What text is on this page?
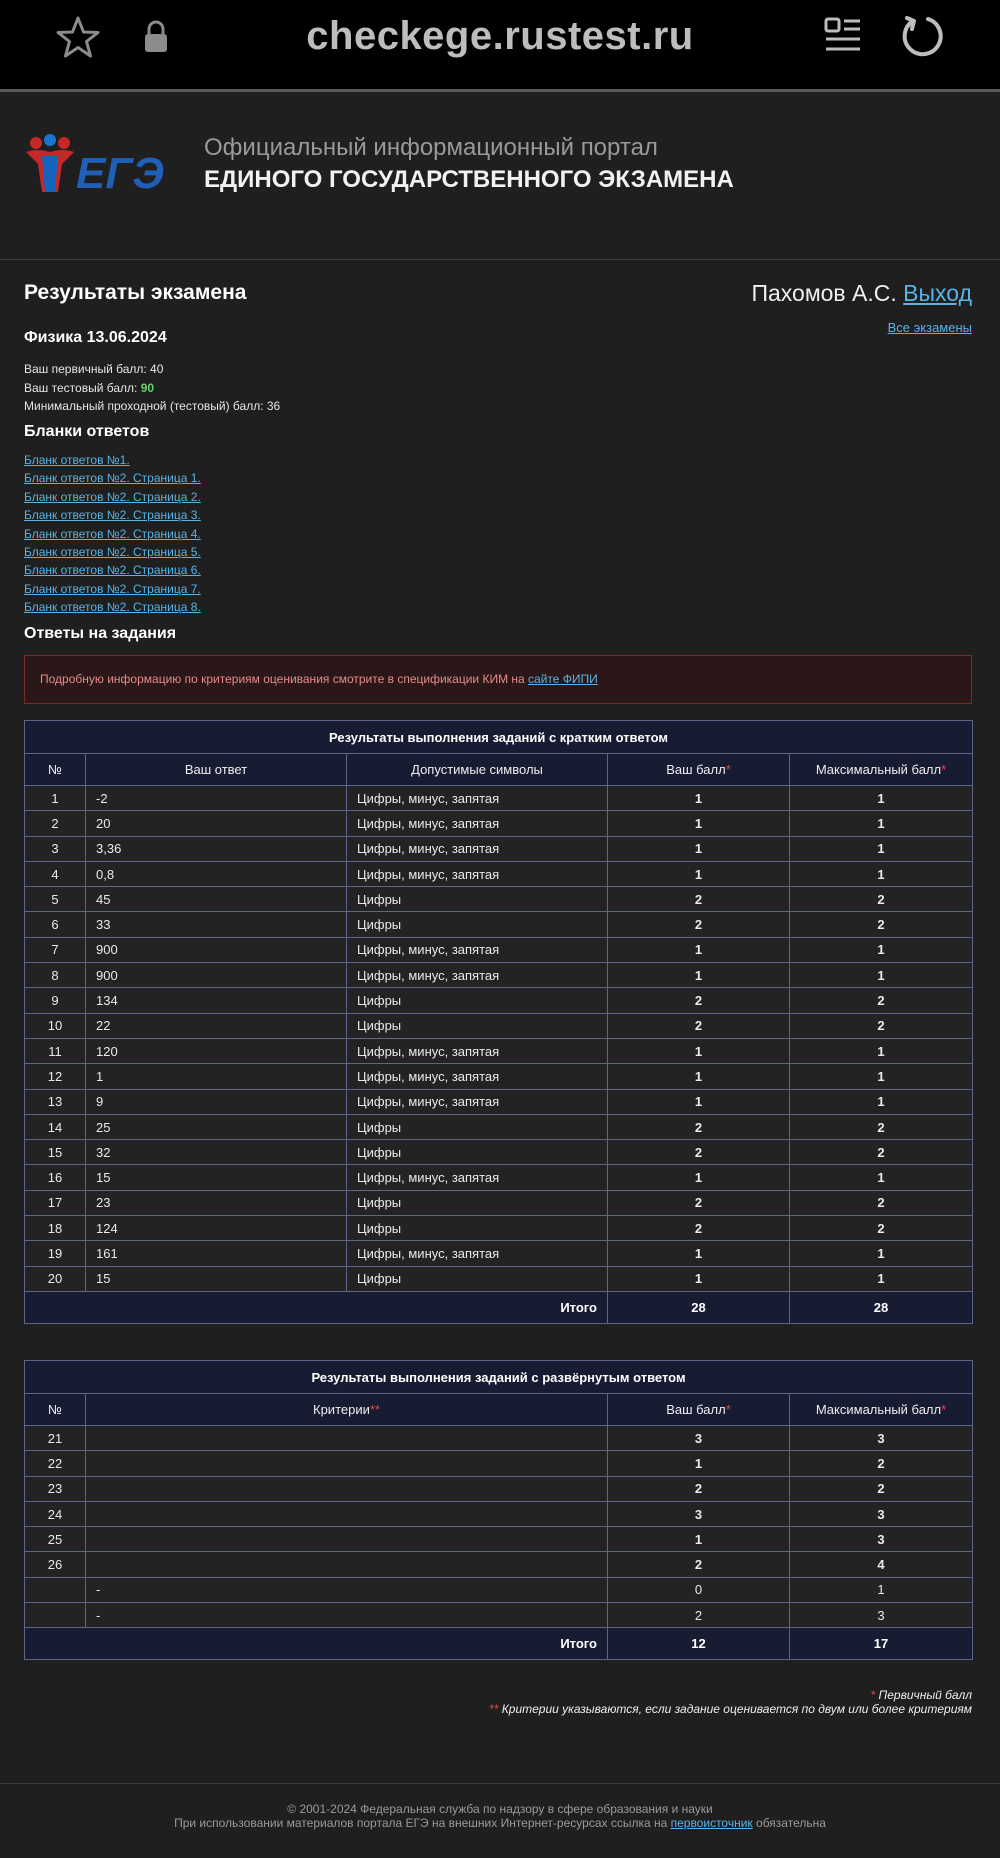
checkege.rustest.ru
ЕГЭ
Официальный информационный портал
ЕДИНОГО ГОСУДАРСТВЕННОГО ЭКЗАМЕНА
Результаты экзамена	Пахомов А.С. Выход
Все экзамены
Физика 13.06.2024
Ваш первичный балл: 40
Ваш тестовый балл: 90
Минимальный проходной (тестовый) балл: 36
Бланки ответов
Бланк ответов №1.
Бланк ответов №2. Страница 1.
Бланк ответов №2. Страница 2.
Бланк ответов №2. Страница 3.
Бланк ответов №2. Страница 4.
Бланк ответов №2. Страница 5.
Бланк ответов №2. Страница 6.
Бланк ответов №2. Страница 7.
Бланк ответов №2. Страница 8.
Ответы на задания
Подробную информацию по критериям оценивания смотрите в спецификации КИМ на сайте ФИПИ
Результаты выполнения заданий с кратким ответом				
№	Ваш ответ	Допустимые символы	Ваш балл*	Максимальный балл*
1	-2	Цифры, минус, запятая	1	1
2	20	Цифры, минус, запятая	1	1
3	3,36	Цифры, минус, запятая	1	1
4	0,8	Цифры, минус, запятая	1	1
5	45	Цифры	2	2
6	33	Цифры	2	2
7	900	Цифры, минус, запятая	1	1
8	900	Цифры, минус, запятая	1	1
9	134	Цифры	2	2
10	22	Цифры	2	2
11	120	Цифры, минус, запятая	1	1
12	1	Цифры, минус, запятая	1	1
13	9	Цифры, минус, запятая	1	1
14	25	Цифры	2	2
15	32	Цифры	2	2
16	15	Цифры, минус, запятая	1	1
17	23	Цифры	2	2
18	124	Цифры	2	2
19	161	Цифры, минус, запятая	1	1
20	15	Цифры	1	1
Итого			28	28
Результаты выполнения заданий с развёрнутым ответом			
№	Критерии**	Ваш балл*	Максимальный балл*
21		3	3
22		1	2
23		2	2
24		3	3
25		1	3
26		2	4
	-	0	1
	-	2	3
Итого		12	17
* Первичный балл
** Критерии указываются, если задание оценивается по двум или более критериям
© 2001-2024 Федеральная служба по надзору в сфере образования и науки
При использовании материалов портала ЕГЭ на внешних Интернет-ресурсах ссылка на первоисточник обязательна
